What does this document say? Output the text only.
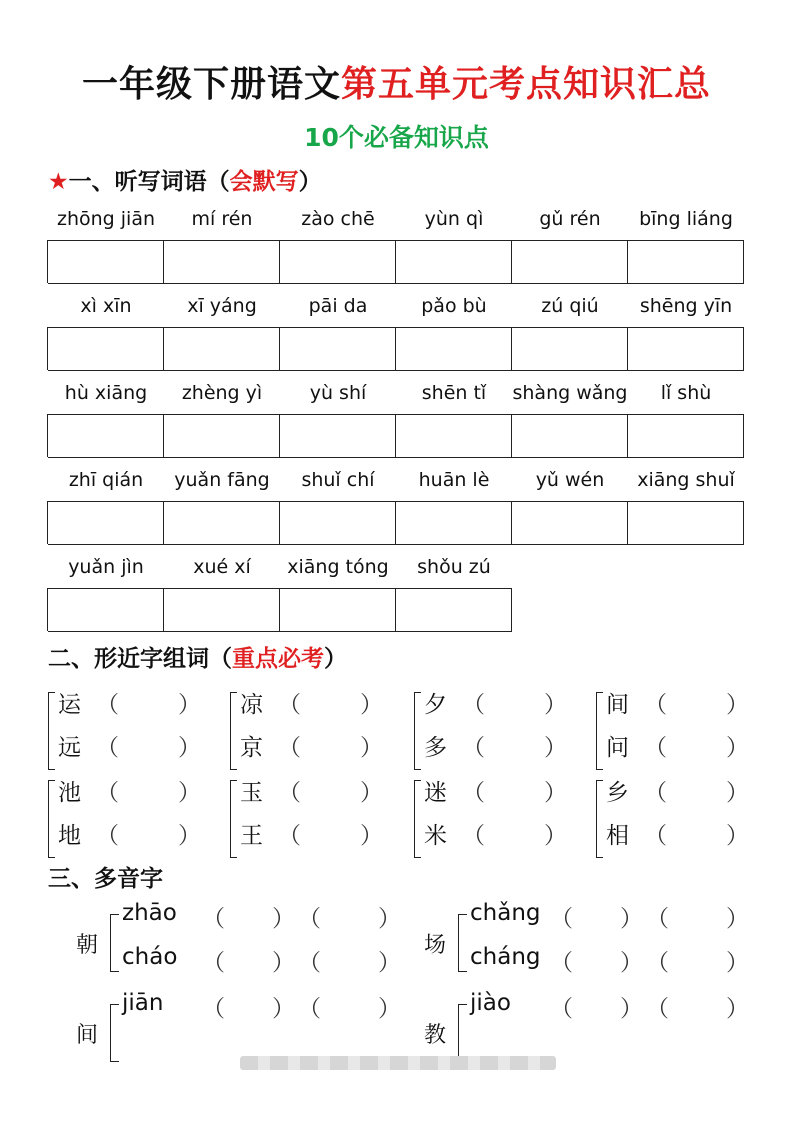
一年级下册语文第五单元考点知识汇总
10个必备知识点
★一、听写词语（会默写）
zhōng jiān	mí rén	zào chē	yùn qì	gǔ rén	bīng liáng
xì xīn	xī yáng	pāi da	pǎo bù	zú qiú	shēng yīn
hù xiāng	zhèng yì	yù shí	shēn tǐ	shàng wǎng	lǐ shù
zhī qián	yuǎn fāng	shuǐ chí	huān lè	yǔ wén	xiāng shuǐ
yuǎn jìn	xué xí	xiāng tóng	shǒu zú
二、形近字组词（重点必考）
运 （	）
远 （	）
凉 （	）
京 （	）
夕 （	）
多 （	）
间 （	）
问 （	）
池 （	）
地 （	）
玉 （	）
王 （	）
迷 （	）
米 （	）
乡 （	）
相 （	）
三、多音字
朝
zhāo （ ） （ ）
cháo （ ） （ ）
场
chǎng （ ） （ ）
cháng （ ） （ ）
间
jiān （ ） （ ）
教
jiào （ ） （ ）
